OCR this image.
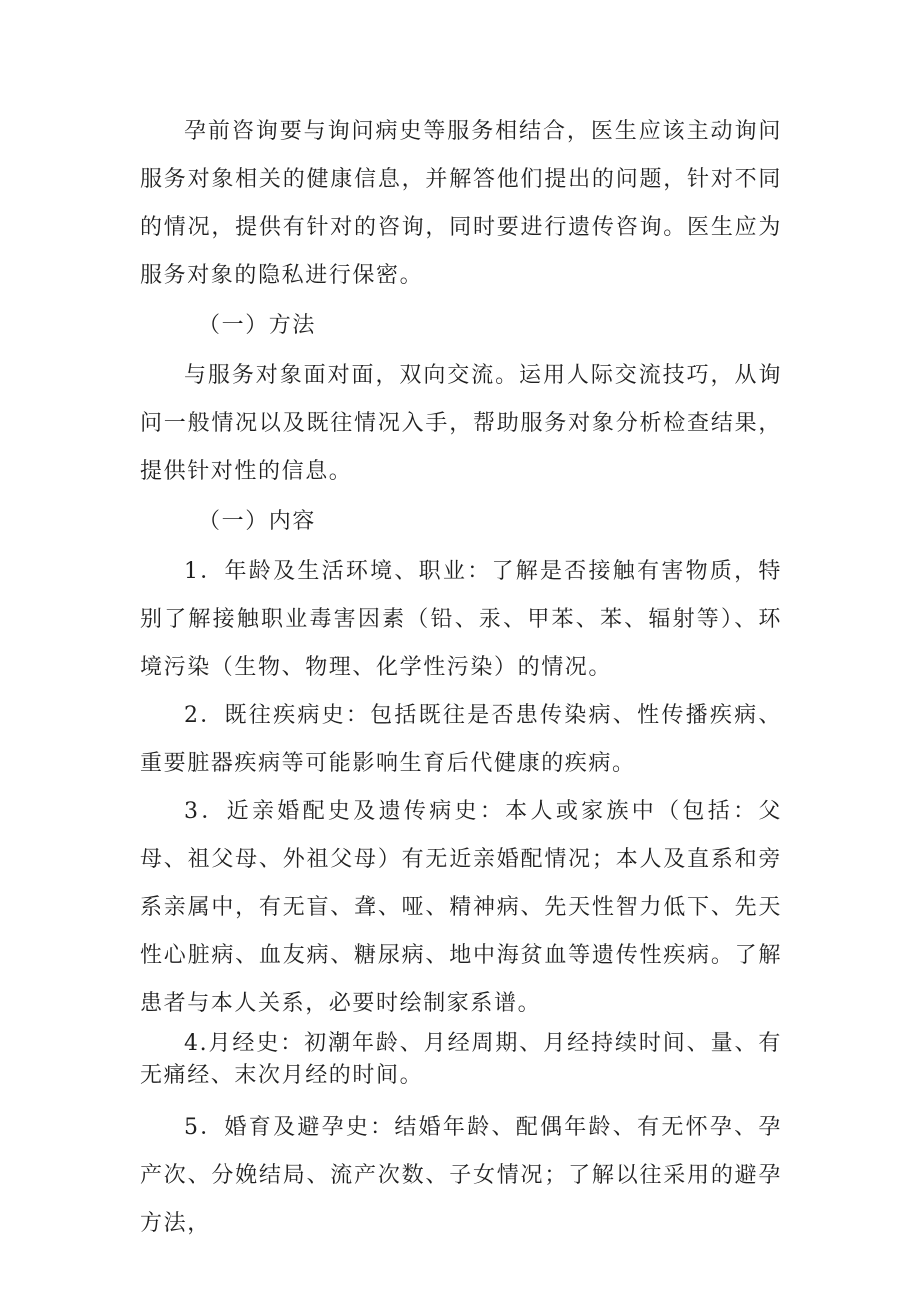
孕前咨询要与询问病史等服务相结合，医生应该主动询问服务对象相关的健康信息，并解答他们提出的问题，针对不同的情况，提供有针对的咨询，同时要进行遗传咨询。医生应为服务对象的隐私进行保密。

（一）方法

与服务对象面对面，双向交流。运用人际交流技巧，从询问一般情况以及既往情况入手，帮助服务对象分析检查结果，提供针对性的信息。

（一）内容

1．年龄及生活环境、职业：了解是否接触有害物质，特别了解接触职业毒害因素（铅、汞、甲苯、苯、辐射等）、环境污染（生物、物理、化学性污染）的情况。

2．既往疾病史：包括既往是否患传染病、性传播疾病、重要脏器疾病等可能影响生育后代健康的疾病。

3．近亲婚配史及遗传病史：本人或家族中（包括：父母、祖父母、外祖父母）有无近亲婚配情况；本人及直系和旁系亲属中，有无盲、聋、哑、精神病、先天性智力低下、先天性心脏病、血友病、糖尿病、地中海贫血等遗传性疾病。了解患者与本人关系，必要时绘制家系谱。

4.月经史：初潮年龄、月经周期、月经持续时间、量、有无痛经、末次月经的时间。

5．婚育及避孕史：结婚年龄、配偶年龄、有无怀孕、孕产次、分娩结局、流产次数、子女情况；了解以往采用的避孕方法，
